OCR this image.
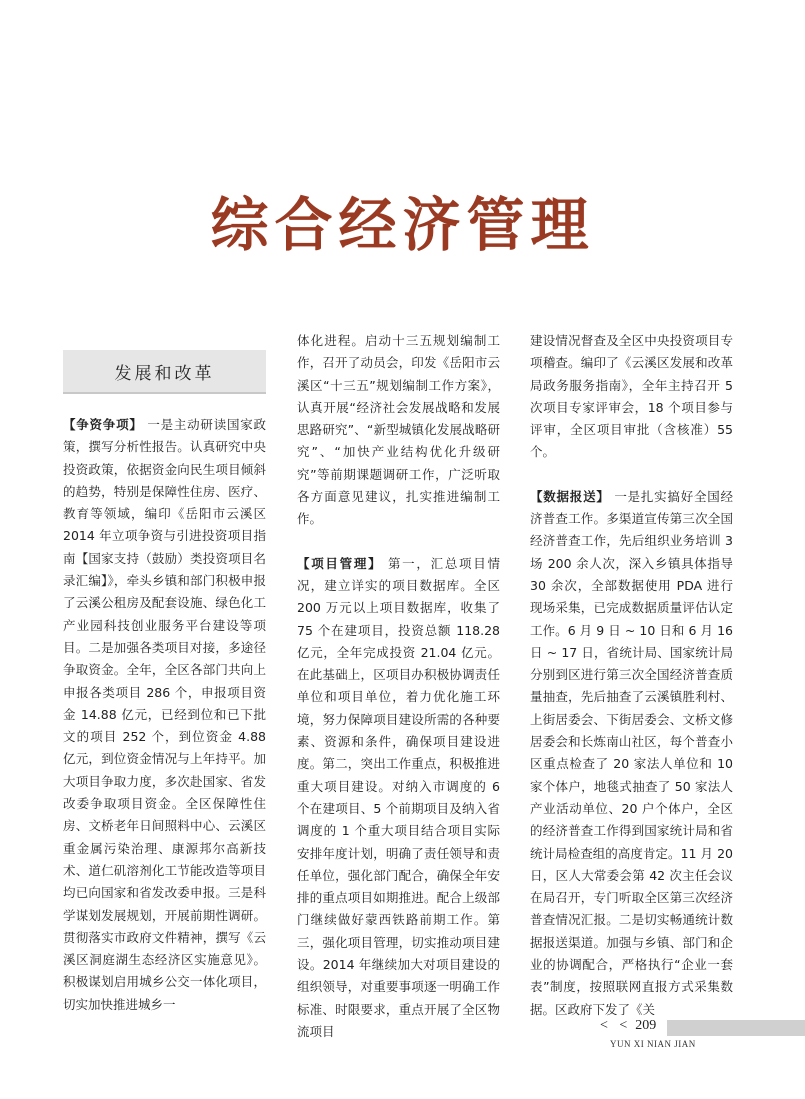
综合经济管理
发展和改革

【争资争项】 一是主动研读国家政策，撰写分析性报告。认真研究中央投资政策，依据资金向民生项目倾斜的趋势，特别是保障性住房、医疗、教育等领域，编印《岳阳市云溪区 2014 年立项争资与引进投资项目指南【国家支持（鼓励）类投资项目名录汇编】》，牵头乡镇和部门积极申报了云溪公租房及配套设施、绿色化工产业园科技创业服务平台建设等项目。二是加强各类项目对接，多途径争取资金。全年，全区各部门共向上申报各类项目 286 个，申报项目资金 14.88 亿元，已经到位和已下批文的项目 252 个，到位资金 4.88 亿元，到位资金情况与上年持平。加大项目争取力度，多次赴国家、省发改委争取项目资金。全区保障性住房、文桥老年日间照料中心、云溪区重金属污染治理、康源邦尔高新技术、道仁矶溶剂化工节能改造等项目均已向国家和省发改委申报。三是科学谋划发展规划，开展前期性调研。贯彻落实市政府文件精神，撰写《云溪区洞庭湖生态经济区实施意见》。积极谋划启用城乡公交一体化项目，切实加快推进城乡一

体化进程。启动十三五规划编制工作，召开了动员会，印发《岳阳市云溪区“十三五”规划编制工作方案》，认真开展“经济社会发展战略和发展思路研究”、“新型城镇化发展战略研究”、“加快产业结构优化升级研究”等前期课题调研工作，广泛听取各方面意见建议，扎实推进编制工作。

【项目管理】 第一，汇总项目情况，建立详实的项目数据库。全区 200 万元以上项目数据库，收集了 75 个在建项目，投资总额 118.28 亿元，全年完成投资 21.04 亿元。在此基础上，区项目办积极协调责任单位和项目单位，着力优化施工环境，努力保障项目建设所需的各种要素、资源和条件，确保项目建设进度。第二，突出工作重点，积极推进重大项目建设。对纳入市调度的 6 个在建项目、5 个前期项目及纳入省调度的 1 个重大项目结合项目实际安排年度计划，明确了责任领导和责任单位，强化部门配合，确保全年安排的重点项目如期推进。配合上级部门继续做好蒙西铁路前期工作。第三，强化项目管理，切实推动项目建设。2014 年继续加大对项目建设的组织领导，对重要事项逐一明确工作标准、时限要求，重点开展了全区物流项目

建设情况督查及全区中央投资项目专项稽查。编印了《云溪区发展和改革局政务服务指南》，全年主持召开 5 次项目专家评审会，18 个项目参与评审，全区项目审批（含核准）55 个。

【数据报送】 一是扎实搞好全国经济普查工作。多渠道宣传第三次全国经济普查工作，先后组织业务培训 3 场 200 余人次，深入乡镇具体指导 30 余次，全部数据使用 PDA 进行现场采集，已完成数据质量评估认定工作。6 月 9 日 ~ 10 日和 6 月 16 日 ~ 17 日，省统计局、国家统计局分别到区进行第三次全国经济普查质量抽查，先后抽查了云溪镇胜利村、上街居委会、下街居委会、文桥文修居委会和长炼南山社区，每个普查小区重点检查了 20 家法人单位和 10 家个体户，地毯式抽查了 50 家法人产业活动单位、20 户个体户，全区的经济普查工作得到国家统计局和省统计局检查组的高度肯定。11 月 20 日，区人大常委会第 42 次主任会议在局召开，专门听取全区第三次经济普查情况汇报。二是切实畅通统计数据报送渠道。加强与乡镇、部门和企业的协调配合，严格执行“企业一套表”制度，按照联网直报方式采集数据。区政府下发了《关

< < 209
YUN XI NIAN JIAN
